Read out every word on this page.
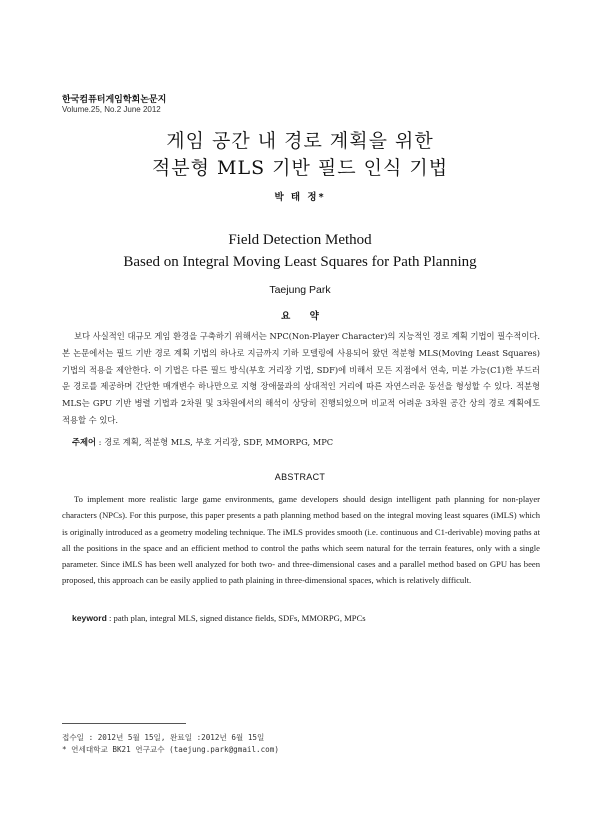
한국컴퓨터게임학회논문지
Volume.25, No.2 June 2012
게임 공간 내 경로 계획을 위한
적분형 MLS 기반 필드 인식 기법
박 태 정*
Field Detection Method
Based on Integral Moving Least Squares for Path Planning
Taejung Park
요 약

보다 사실적인 대규모 게임 환경을 구축하기 위해서는 NPC(Non-Player Character)의 지능적인 경로 계획 기법이 필수적이다. 본 논문에서는 필드 기반 경로 계획 기법의 하나로 지금까지 기하 모델링에 사용되어 왔던 적분형 MLS(Moving Least Squares) 기법의 적용을 제안한다. 이 기법은 다른 필드 방식(부호 거리장 기법, SDF)에 비해서 모든 지점에서 연속, 미분 가능(C1)한 부드러운 경로를 제공하며 간단한 매개변수 하나만으로 지형 장애물과의 상대적인 거리에 따른 자연스러운 동선을 형성할 수 있다. 적분형 MLS는 GPU 기반 병렬 기법과 2차원 및 3차원에서의 해석이 상당히 진행되었으며 비교적 어려운 3차원 공간 상의 경로 계획에도 적용할 수 있다.

주제어 : 경로 계획, 적분형 MLS, 부호 거리장, SDF, MMORPG, MPC
ABSTRACT

To implement more realistic large game environments, game developers should design intelligent path planning for non-player characters (NPCs). For this purpose, this paper presents a path planning method based on the integral moving least squares (iMLS) which is originally introduced as a geometry modeling technique. The iMLS provides smooth (i.e. continuous and C1-derivable) moving paths at all the positions in the space and an efficient method to control the paths which seem natural for the terrain features, only with a single parameter. Since iMLS has been well analyzed for both two- and three-dimensional cases and a parallel method based on GPU has been proposed, this approach can be easily applied to path plaining in three-dimensional spaces, which is relatively difficult.

keyword : path plan, integral MLS, signed distance fields, SDFs, MMORPG, MPCs
접수일 : 2012년 5월 15일, 완료일 :2012년 6월 15일
* 연세대학교 BK21 연구교수 (taejung.park@gmail.com)
